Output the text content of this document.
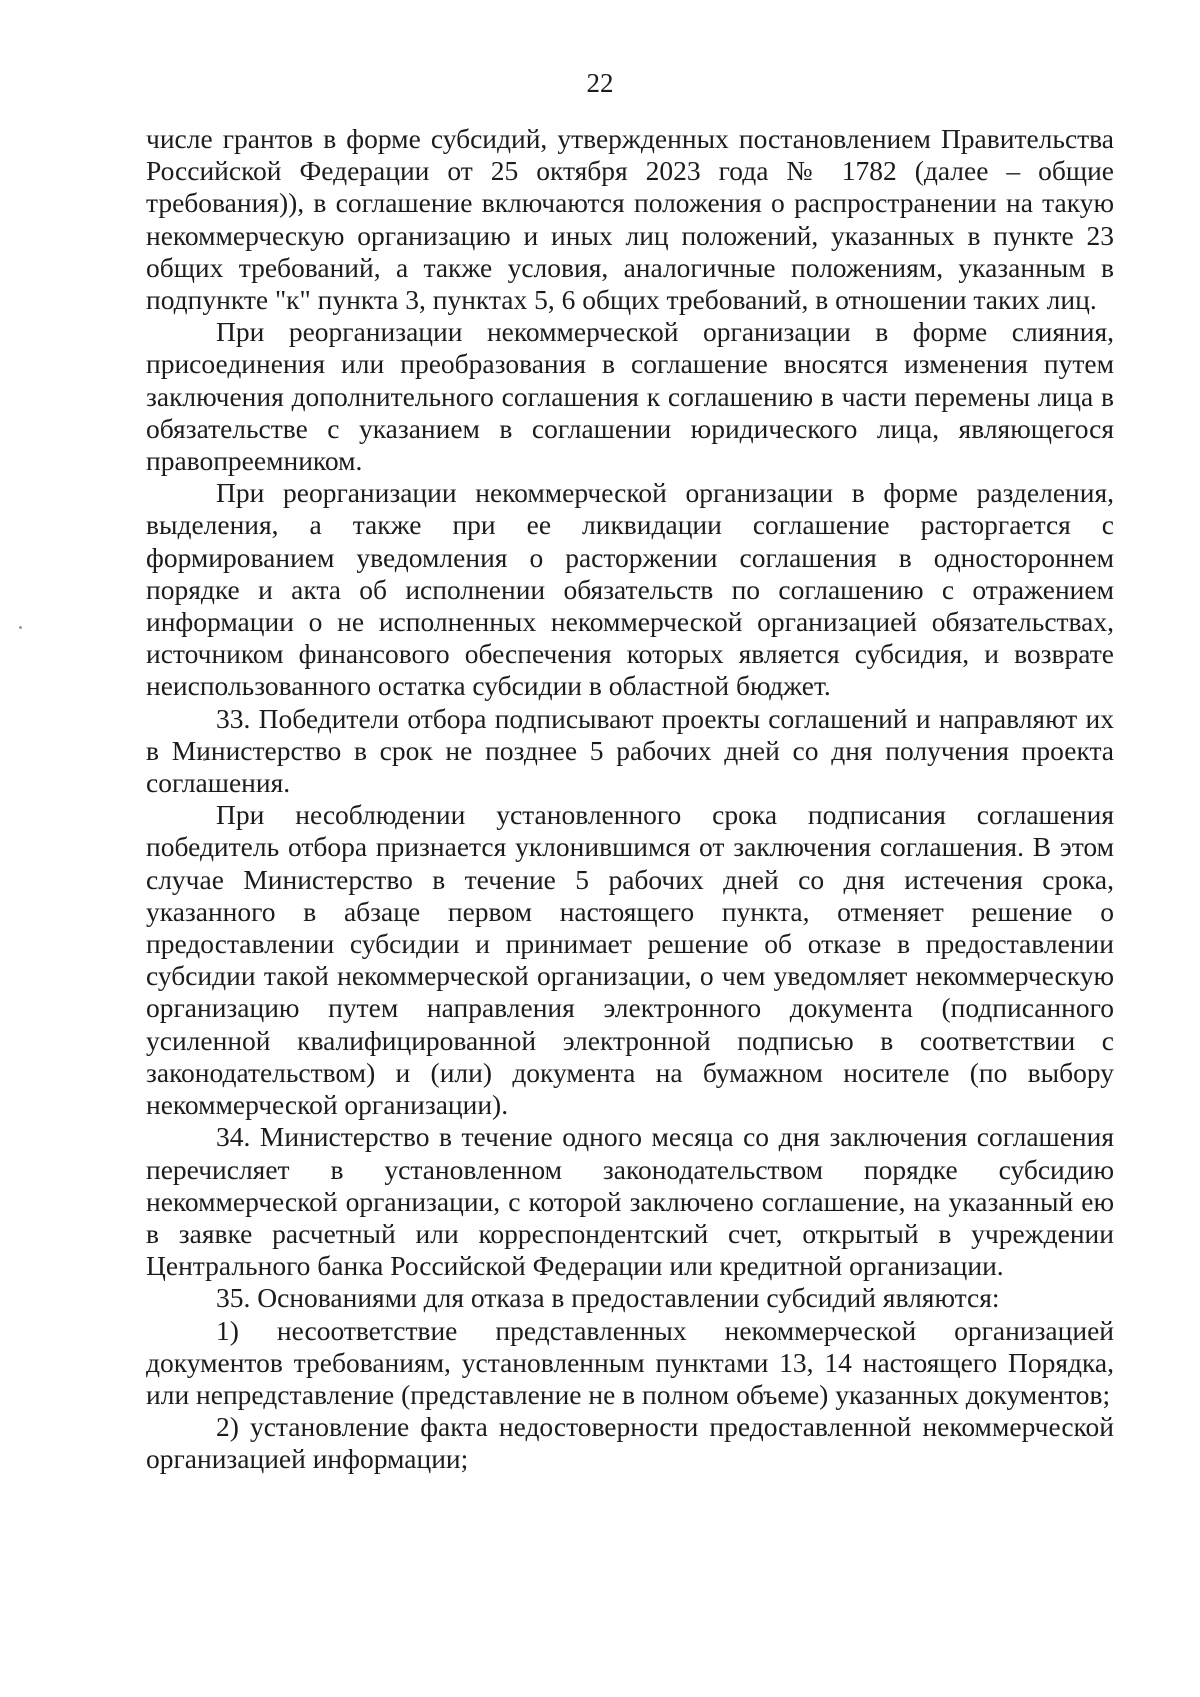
22

числе грантов в форме субсидий, утвержденных постановлением Правительства Российской Федерации от 25 октября 2023 года № 1782 (далее – общие требования)), в соглашение включаются положения о распространении на такую некоммерческую организацию и иных лиц положений, указанных в пункте 23 общих требований, а также условия, аналогичные положениям, указанным в подпункте "к" пункта 3, пунктах 5, 6 общих требований, в отношении таких лиц.

При реорганизации некоммерческой организации в форме слияния, присоединения или преобразования в соглашение вносятся изменения путем заключения дополнительного соглашения к соглашению в части перемены лица в обязательстве с указанием в соглашении юридического лица, являющегося правопреемником.

При реорганизации некоммерческой организации в форме разделения, выделения, а также при ее ликвидации соглашение расторгается с формированием уведомления о расторжении соглашения в одностороннем порядке и акта об исполнении обязательств по соглашению с отражением информации о не исполненных некоммерческой организацией обязательствах, источником финансового обеспечения которых является субсидия, и возврате неиспользованного остатка субсидии в областной бюджет.

33. Победители отбора подписывают проекты соглашений и направляют их в Министерство в срок не позднее 5 рабочих дней со дня получения проекта соглашения.

При несоблюдении установленного срока подписания соглашения победитель отбора признается уклонившимся от заключения соглашения. В этом случае Министерство в течение 5 рабочих дней со дня истечения срока, указанного в абзаце первом настоящего пункта, отменяет решение о предоставлении субсидии и принимает решение об отказе в предоставлении субсидии такой некоммерческой организации, о чем уведомляет некоммерческую организацию путем направления электронного документа (подписанного усиленной квалифицированной электронной подписью в соответствии с законодательством) и (или) документа на бумажном носителе (по выбору некоммерческой организации).

34. Министерство в течение одного месяца со дня заключения соглашения перечисляет в установленном законодательством порядке субсидию некоммерческой организации, с которой заключено соглашение, на указанный ею в заявке расчетный или корреспондентский счет, открытый в учреждении Центрального банка Российской Федерации или кредитной организации.

35. Основаниями для отказа в предоставлении субсидий являются:

1) несоответствие представленных некоммерческой организацией документов требованиям, установленным пунктами 13, 14 настоящего Порядка, или непредставление (представление не в полном объеме) указанных документов;

2) установление факта недостоверности предоставленной некоммерческой организацией информации;
